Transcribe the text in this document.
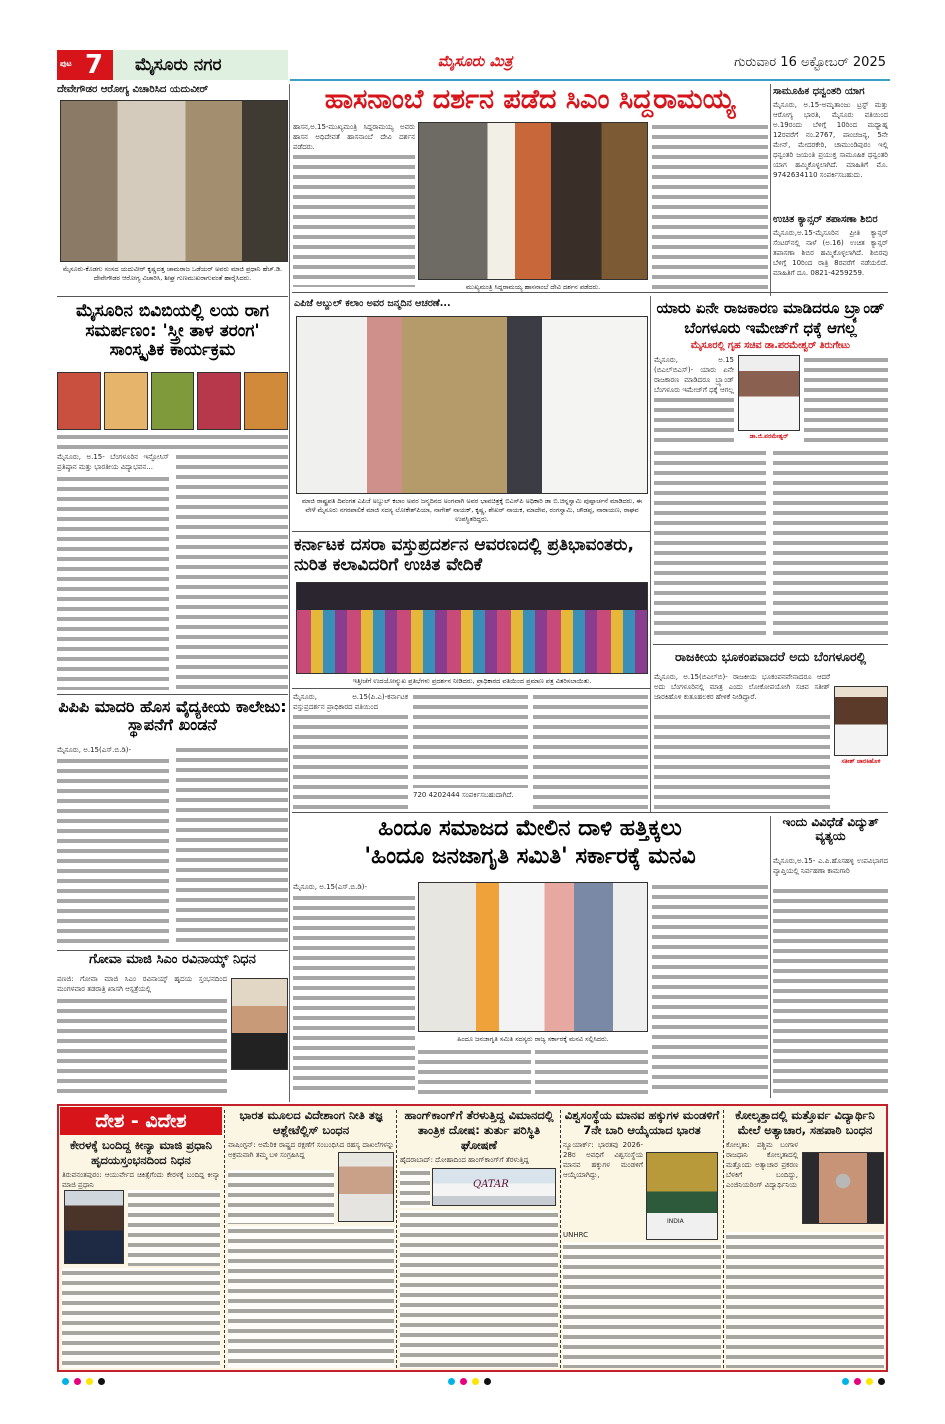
ಪುಟ 7	ಮೈಸೂರು ನಗರ	ಮೈಸೂರು ಮಿತ್ರ	ಗುರುವಾರ 16 ಅಕ್ಟೋಬರ್ 2025
ದೇವೇಗೌಡರ ಆರೋಗ್ಯ ವಿಚಾರಿಸಿದ ಯದುವೀರ್
ಮೈಸೂರು-ಕೊಡಗು ಸಂಸದ ಯದುವೀರ್ ಕೃಷ್ಣದತ್ತ ಚಾಮರಾಜ ಒಡೆಯರ್ ಅವರು ಮಾಜಿ ಪ್ರಧಾನಿ ಹೆಚ್.ಡಿ. ದೇವೇಗೌಡರ ಆರೋಗ್ಯ ವಿಚಾರಿಸಿ, ಶೀಘ್ರ ಗುಣಮುಖರಾಗುವಂತೆ ಹಾರೈಸಿದರು.
ಮೈಸೂರಿನ ಬಿವಿಬಿಯಲ್ಲಿ ಲಯ ರಾಗ ಸಮರ್ಪಣಂ: 'ಸ್ತ್ರೀ ತಾಳ ತರಂಗ' ಸಾಂಸ್ಕೃತಿಕ ಕಾರ್ಯಕ್ರಮ
ಮೈಸೂರು, ಅ.15- ಬೆಂಗಳೂರಿನ ಇನ್ಫೋಸಿಸ್ ಪ್ರತಿಷ್ಠಾನ ಮತ್ತು ಭಾರತೀಯ ವಿದ್ಯಾಭವನ...
ಪಿಪಿಪಿ ಮಾದರಿ ಹೊಸ ವೈದ್ಯಕೀಯ ಕಾಲೇಜು: ಸ್ಥಾಪನೆಗೆ ಖಂಡನೆ
ಮೈಸೂರು, ಅ.15(ಎಸ್.ಬಿ.ಡಿ)-
ಗೋವಾ ಮಾಜಿ ಸಿಎಂ ರವಿನಾಯ್ಕ್ ನಿಧನ
ಪಣಜಿ: ಗೋವಾ ಮಾಜಿ ಸಿಎಂ ರವಿನಾಯ್ಕ್ ಹೃದಯ ಸ್ತಂಭನದಿಂದ ಮಂಗಳವಾರ ತಡರಾತ್ರಿ ಖಾಸಗಿ ಆಸ್ಪತ್ರೆಯಲ್ಲಿ
ಹಾಸನಾಂಬೆ ದರ್ಶನ ಪಡೆದ ಸಿಎಂ ಸಿದ್ದರಾಮಯ್ಯ
ಹಾಸನ,ಅ.15-ಮುಖ್ಯಮಂತ್ರಿ ಸಿದ್ದರಾಮಯ್ಯ ಅವರು ಹಾಸನ ಅಧಿದೇವತೆ ಹಾಸನಾಂಬೆ ದೇವಿ ದರ್ಶನ ಪಡೆದರು.
ಮುಖ್ಯಮಂತ್ರಿ ಸಿದ್ದರಾಮಯ್ಯ ಹಾಸನಾಂಬೆ ದೇವಿ ದರ್ಶನ ಪಡೆದರು.
ಸಾಮೂಹಿಕ ಧನ್ವಂತರಿ ಯಾಗ
ಮೈಸೂರು, ಅ.15-ಅಮೃತಾಂಜು ಟ್ರಸ್ಟ್ ಮತ್ತು ಆರೋಗ್ಯ ಭಾರತಿ, ಮೈಸೂರು ವತಿಯಿಂದ ಅ.19ರಂದು ಬೆಳಿಗ್ಗೆ 10ರಿಂದ ಮಧ್ಯಾಹ್ನ 12ರವರೆಗೆ ನಂ.2767, ಪಾಂಚಜನ್ಯ, 5ನೇ ಮೇನ್, ಮೇದರಕೇರಿ, ಚಾಮುಂಡಿಪುರಂ ಇಲ್ಲಿ ಧನ್ವಂತರಿ ಜಯಂತಿ ಪ್ರಯುಕ್ತ ಸಾಮೂಹಿಕ ಧನ್ವಂತರಿ ಯಾಗ ಹಮ್ಮಿಕೊಳ್ಳಲಾಗಿದೆ. ಮಾಹಿತಿಗೆ ಮೊ. 9742634110 ಸಂಪರ್ಕಿಸಬಹುದು.
ಉಚಿತ ಕ್ಯಾನ್ಸರ್ ತಪಾಸಣಾ ಶಿಬಿರ
ಮೈಸೂರು,ಅ.15-ಮೈಸೂರಿನ ಪ್ರೀತಿ ಕ್ಯಾನ್ಸರ್ ಸೆಂಟರ್‌ನಲ್ಲಿ ನಾಳೆ (ಅ.16) ಉಚಿತ ಕ್ಯಾನ್ಸರ್ ತಪಾಸಣಾ ಶಿಬಿರ ಹಮ್ಮಿಕೊಳ್ಳಲಾಗಿದೆ. ಶಿಬಿರವು ಬೆಳಿಗ್ಗೆ 10ರಿಂದ ರಾತ್ರಿ 8ರವರೆಗೆ ನಡೆಯಲಿದೆ. ಮಾಹಿತಿಗೆ ದೂ. 0821-4259259.
ಎಪಿಜೆ ಅಬ್ದುಲ್ ಕಲಾಂ ಅವರ ಜನ್ಮದಿನ ಆಚರಣೆ...
ಮಾಜಿ ರಾಷ್ಟ್ರಪತಿ ದಿವಂಗತ ಎಪಿಜೆ ಅಬ್ದುಲ್ ಕಲಾಂ ಅವರ ಜನ್ಮದಿನದ ಅಂಗವಾಗಿ ಅವರ ಭಾವಚಿತ್ರಕ್ಕೆ ಬಿಎಸ್‌ಪಿ ಅಧಿಕಾರಿ ಡಾ ಬಿ.ಚಿನ್ನಸ್ವಾಮಿ ಪುಷ್ಪಾರ್ಚನೆ ಮಾಡಿದರು, ಈ ವೇಳೆ ಮೈಸೂರು ನಗರಪಾಲಿಕೆ ಮಾಜಿ ಸದಸ್ಯ ಲೋಕೇಶ್‌ಪಿಯಾ, ನಾಗೇಶ್ ನಾಯಕ್, ಕೃಷ್ಣ, ಶೇಖರ್ ನಾಯಕ, ಮಾದೇವ, ರಂಗಸ್ವಾಮಿ, ಚೌಡಪ್ಪ, ನಾರಾಯಣ, ರಾಘವ ಉಪಸ್ಥಿತರಿದ್ದರು.
ಕರ್ನಾಟಕ ದಸರಾ ವಸ್ತುಪ್ರದರ್ಶನ ಆವರಣದಲ್ಲಿ ಪ್ರತಿಭಾವಂತರು, ನುರಿತ ಕಲಾವಿದರಿಗೆ ಉಚಿತ ವೇದಿಕೆ
ಇತ್ತೀಚೆಗೆ ಉದಯೋನ್ಮುಖ ಪ್ರತಿಭೆಗಳು ಪ್ರದರ್ಶನ ನೀಡಿದರು, ಪ್ರಾಧಿಕಾರದ ವತಿಯಿಂದ ಪ್ರಮಾಣ ಪತ್ರ ವಿತರಿಸಲಾಯಿತು.
ಮೈಸೂರು, ಅ.15(ಪಿ.ಎ)-ಕರ್ನಾಟಕ ವಸ್ತುಪ್ರದರ್ಶನ ಪ್ರಾಧಿಕಾರದ ವತಿಯಿಂದ
720 4202444 ಸಂಪರ್ಕಿಸಬಹುದಾಗಿದೆ.
ಯಾರು ಏನೇ ರಾಜಕಾರಣ ಮಾಡಿದರೂ ಬ್ರ್ಯಾಂಡ್ ಬೆಂಗಳೂರು ಇಮೇಜ್‌ಗೆ ಧಕ್ಕೆ ಆಗಲ್ಲ
ಮೈಸೂರಲ್ಲಿ ಗೃಹ ಸಚಿವ ಡಾ.ಪರಮೇಶ್ವರ್ ತಿರುಗೇಟು
ಮೈಸೂರು, ಅ.15 (ಬಿಎಲ್‌ಬಿಎಸ್)- ಯಾರು ಏನೇ ರಾಜಕಾರಣ ಮಾಡಿದರೂ ಬ್ರ್ಯಾಂಡ್ ಬೆಂಗಳೂರು ಇಮೇಜ್‌ಗೆ ಧಕ್ಕೆ ಆಗಲ್ಲ
ಡಾ.ಜಿ.ಪರಮೇಶ್ವರ್
ರಾಜಕೀಯ ಭೂಕಂಪವಾದರೆ ಅದು ಬೆಂಗಳೂರಲ್ಲಿ
ಮೈಸೂರು, ಅ.15(ಬಿಎಲ್‌ಬಿ)- ರಾಜಕೀಯ ಭೂಕಂಪನವೇನಾದರೂ ಆದರೆ ಅದು ಬೆಂಗಳೂರಿನಲ್ಲಿ ಮಾತ್ರ ಎಂದು ಲೋಕೋಪಯೋಗಿ ಸಚಿವ ಸತೀಶ್ ಜಾರಕಿಹೊಳಿ ಕುತೂಹಲಕರ ಹೇಳಿಕೆ ನೀಡಿದ್ದಾರೆ.
ಸತೀಶ್ ಜಾರಕಿಹೊಳಿ
ಹಿಂದೂ ಸಮಾಜದ ಮೇಲಿನ ದಾಳಿ ಹತ್ತಿಕ್ಕಲು
'ಹಿಂದೂ ಜನಜಾಗೃತಿ ಸಮಿತಿ' ಸರ್ಕಾರಕ್ಕೆ ಮನವಿ
ಮೈಸೂರು, ಅ.15(ಎಸ್.ಬಿ.ಡಿ)-
ಹಿಂದೂ ಜನಜಾಗೃತಿ ಸಮಿತಿ ಸದಸ್ಯರು ರಾಜ್ಯ ಸರ್ಕಾರಕ್ಕೆ ಮನವಿ ಸಲ್ಲಿಸಿದರು.
ಇಂದು ವಿವಿಧೆಡೆ ವಿದ್ಯುತ್ ವ್ಯತ್ಯಯ
ಮೈಸೂರು,ಅ.15- ಎ.ಪಿ.ಹೊಸಹಳ್ಳಿ ಉಪವಿಭಾಗದ ವ್ಯಾಪ್ತಿಯಲ್ಲಿ ನಿರ್ವಹಣಾ ಕಾಮಗಾರಿ
ದೇಶ - ವಿದೇಶ
ಕೇರಳಕ್ಕೆ ಬಂದಿದ್ದ ಕೀನ್ಯಾ ಮಾಜಿ ಪ್ರಧಾನಿ ಹೃದಯಸ್ತಂಭನದಿಂದ ನಿಧನ
ತಿರುವನಂತಪುರಂ: ಆಯುರ್ವೇದ ಚಿಕಿತ್ಸೆಗೆಂದು ಕೇರಳಕ್ಕೆ ಬಂದಿದ್ದ ಕೀನ್ಯಾ ಮಾಜಿ ಪ್ರಧಾನಿ
ಭಾರತ ಮೂಲದ ವಿದೇಶಾಂಗ ನೀತಿ ತಜ್ಞ ಆಶ್ಲೇಟೆಲ್ಲಿಸ್ ಬಂಧನ
ವಾಷಿಂಗ್ಟನ್: ಅಮೆರಿಕ ರಾಷ್ಟ್ರದ ರಕ್ಷಣೆಗೆ ಸಂಬಂಧಿಸಿದ ರಹಸ್ಯ ದಾಖಲೆಗಳನ್ನು ಅಕ್ರಮವಾಗಿ ತಮ್ಮ ಬಳಿ ಸಂಗ್ರಹಿಸಿದ್ದ
ಹಾಂಗ್‌ಕಾಂಗ್‌ಗೆ ತೆರಳುತ್ತಿದ್ದ ವಿಮಾನದಲ್ಲಿ ತಾಂತ್ರಿಕ ದೋಷ: ತುರ್ತು ಪರಿಸ್ಥಿತಿ ಘೋಷಣೆ
ಹೈದರಾಬಾದ್: ದೋಹಾದಿಂದ ಹಾಂಗ್‌ಕಾಂಗ್‌ಗೆ ತೆರಳುತ್ತಿದ್ದ
QATAR
ವಿಶ್ವಸಂಸ್ಥೆಯ ಮಾನವ ಹಕ್ಕುಗಳ ಮಂಡಳಿಗೆ 7ನೇ ಬಾರಿ ಆಯ್ಕೆಯಾದ ಭಾರತ
ನ್ಯೂಯಾರ್ಕ್: ಭಾರತವು 2026-28ರ ಅವಧಿಗೆ ವಿಶ್ವಸಂಸ್ಥೆಯ ಮಾನವ ಹಕ್ಕುಗಳ ಮಂಡಳಿಗೆ ಆಯ್ಕೆಯಾಗಿದ್ದು,
INDIA
UNHRC
ಕೋಲ್ಕತ್ತಾದಲ್ಲಿ ಮತ್ತೊರ್ವ ವಿದ್ಯಾರ್ಥಿನಿ ಮೇಲೆ ಅತ್ಯಾಚಾರ, ಸಹಪಾಠಿ ಬಂಧನ
ಕೋಲ್ಕತಾ: ಪಶ್ಚಿಮ ಬಂಗಾಳ ರಾಜಧಾನಿ ಕೋಲ್ಕತಾದಲ್ಲಿ ಮತ್ತೊಂದು ಅತ್ಯಾಚಾರ ಪ್ರಕರಣ ಬೆಳಕಿಗೆ ಬಂದಿದ್ದು, ಎಂಜಿನಿಯರಿಂಗ್ ವಿದ್ಯಾರ್ಥಿನಿಯ
